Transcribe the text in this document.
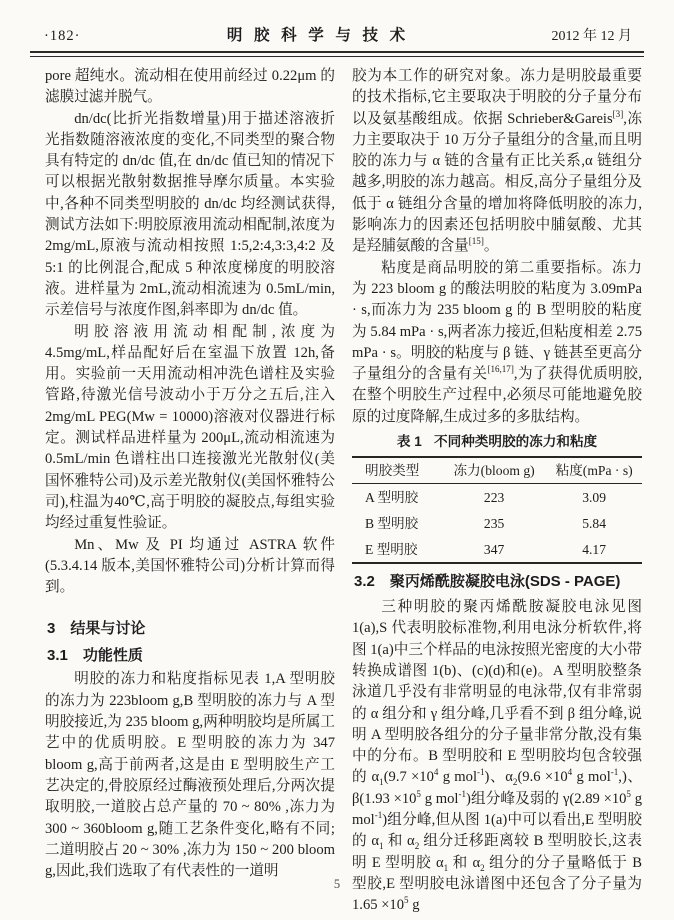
·182·	明胶科学与技术	2012 年 12 月

pore 超纯水。流动相在使用前经过 0.22μm 的滤膜过滤并脱气。

dn/dc(比折光指数增量)用于描述溶液折光指数随溶液浓度的变化,不同类型的聚合物具有特定的 dn/dc 值,在 dn/dc 值已知的情况下可以根据光散射数据推导摩尔质量。本实验中,各种不同类型明胶的 dn/dc 均经测试获得,测试方法如下:明胶原液用流动相配制,浓度为 2mg/mL,原液与流动相按照 1:5,2:4,3:3,4:2 及 5:1 的比例混合,配成 5 种浓度梯度的明胶溶液。进样量为 2mL,流动相流速为 0.5mL/min,示差信号与浓度作图,斜率即为 dn/dc 值。

明胶溶液用流动相配制,浓度为 4.5mg/mL,样品配好后在室温下放置 12h,备用。实验前一天用流动相冲洗色谱柱及实验管路,待激光信号波动小于万分之五后,注入 2mg/mL PEG(Mw = 10000)溶液对仪器进行标定。测试样品进样量为 200μL,流动相流速为 0.5mL/min 色谱柱出口连接激光光散射仪(美国怀雅特公司)及示差光散射仪(美国怀雅特公司),柱温为40℃,高于明胶的凝胶点,每组实验均经过重复性验证。

Mn、Mw 及 PI 均通过 ASTRA 软件(5.3.4.14 版本,美国怀雅特公司)分析计算而得到。

3　结果与讨论
3.1　功能性质

明胶的冻力和粘度指标见表 1,A 型明胶的冻力为 223bloom g,B 型明胶的冻力与 A 型明胶接近,为 235 bloom g,两种明胶均是所属工艺中的优质明胶。E 型明胶的冻力为 347 bloom g,高于前两者,这是由 E 型明胶生产工艺决定的,骨胶原经过酶液预处理后,分两次提取明胶,一道胶占总产量的 70 ~ 80% ,冻力为 300 ~ 360bloom g,随工艺条件变化,略有不同;二道明胶占 20 ~ 30% ,冻力为 150 ~ 200 bloom g,因此,我们选取了有代表性的一道明

胶为本工作的研究对象。冻力是明胶最重要的技术指标,它主要取决于明胶的分子量分布以及氨基酸组成。依据 Schrieber&Gareis[3],冻力主要取决于 10 万分子量组分的含量,而且明胶的冻力与 α 链的含量有正比关系,α 链组分越多,明胶的冻力越高。相反,高分子量组分及低于 α 链组分含量的增加将降低明胶的冻力,影响冻力的因素还包括明胶中脯氨酸、尤其是羟脯氨酸的含量[15]。

粘度是商品明胶的第二重要指标。冻力为 223 bloom g 的酸法明胶的粘度为 3.09mPa · s,而冻力为 235 bloom g 的 B 型明胶的粘度为 5.84 mPa · s,两者冻力接近,但粘度相差 2.75 mPa · s。明胶的粘度与 β 链、γ 链甚至更高分子量组分的含量有关[16,17],为了获得优质明胶,在整个明胶生产过程中,必须尽可能地避免胶原的过度降解,生成过多的多肽结构。

表 1 不同种类明胶的冻力和粘度
明胶类型	冻力(bloom g)	粘度(mPa · s)
A 型明胶	223	3.09
B 型明胶	235	5.84
E 型明胶	347	4.17
3.2　聚丙烯酰胺凝胶电泳(SDS - PAGE)

三种明胶的聚丙烯酰胺凝胶电泳见图 1(a),S 代表明胶标准物,利用电泳分析软件,将图 1(a)中三个样品的电泳按照光密度的大小带转换成谱图 1(b)、(c)(d)和(e)。A 型明胶整条泳道几乎没有非常明显的电泳带,仅有非常弱的 α 组分和 γ 组分峰,几乎看不到 β 组分峰,说明 A 型明胶各组分的分子量非常分散,没有集中的分布。B 型明胶和 E 型明胶均包含较强的 $\alpha_1(9.7 \times 10^4$ g mol$^{-1}$)、$\alpha_2(9.6 \times 10^4$ g mol$^{-1}$,)、$\beta(1.93 \times 10^5$ g mol$^{-1}$)组分峰及弱的 $\gamma(2.89 \times 10^5$ g mol$^{-1}$)组分峰,但从图 1(a)中可以看出,E 型明胶的 $\alpha_1$ 和 $\alpha_2$ 组分迁移距离较 B 型明胶长,这表明 E 型明胶 $\alpha_1$ 和 $\alpha_2$ 组分的分子量略低于 B 型胶,E 型明胶电泳谱图中还包含了分子量为 $1.65 \times 10^5$ g

5
